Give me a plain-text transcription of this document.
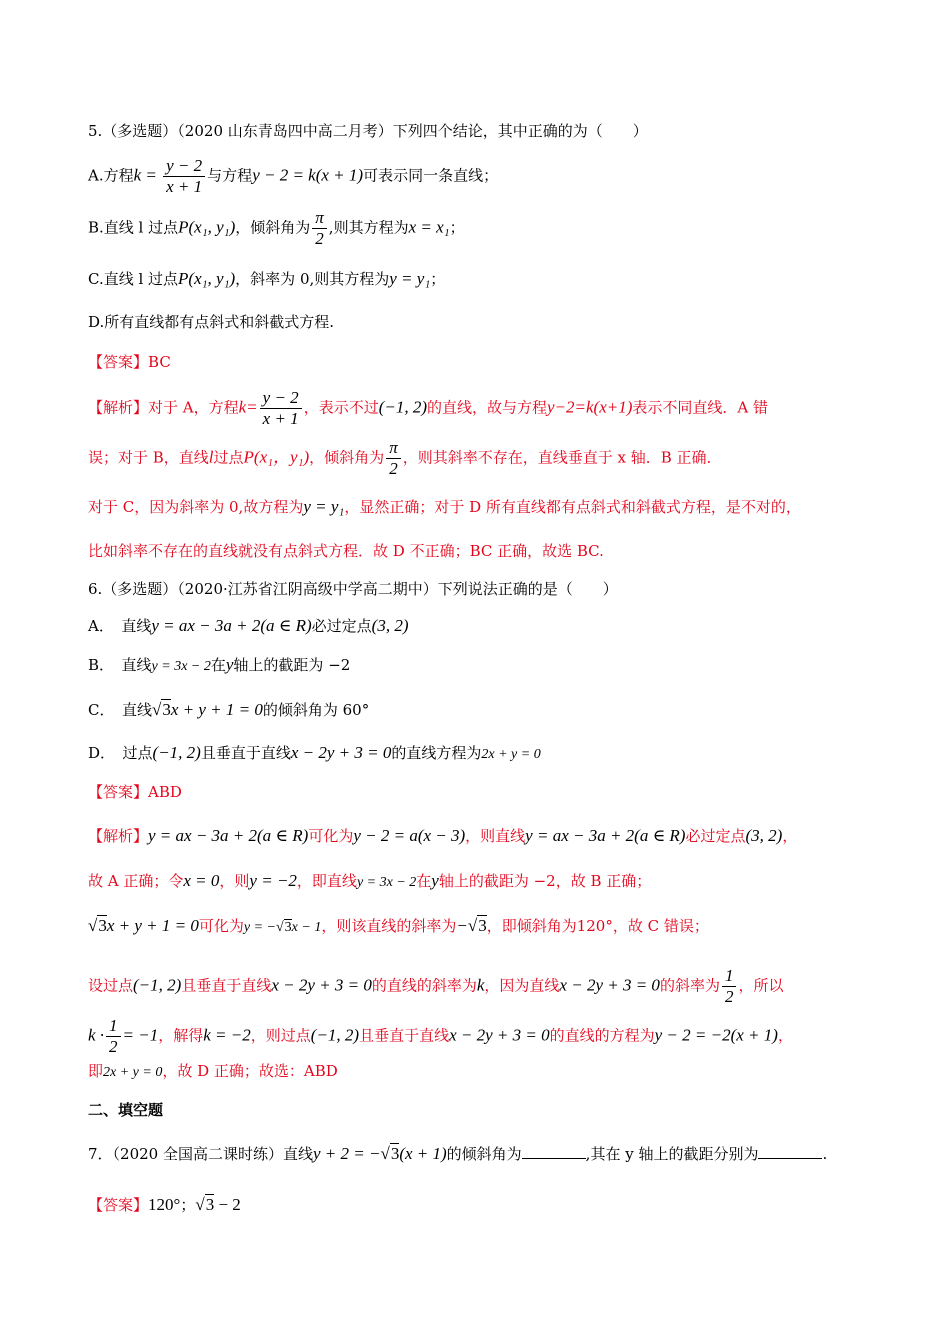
5.（多选题）（2020 山东青岛四中高二月考）下列四个结论，其中正确的为（　　）
A.方程$k = \frac{y - 2}{x + 1}$ 与方程y − 2 = k(x + 1)可表示同一条直线；
B.直线 l 过点P(x₁, y₁)，倾斜角为 $\frac{\pi}{2}$ ,则其方程为x = x₁；
C.直线 l 过点P(x₁, y₁)，斜率为 0,则其方程为y = y₁；
D.所有直线都有点斜式和斜截式方程.
【答案】BC
【解析】对于 A，方程$k= \frac{y - 2}{x + 1}$ ，表示不过(−1, 2)的直线，故与方程y−2=k(x+1)表示不同直线．A 错
误；对于 B，直线l过点P(x₁，y₁)，倾斜角为 $\frac{\pi}{2}$ ，则其斜率不存在，直线垂直于 x 轴．B 正确．
对于 C，因为斜率为 0,故方程为y = y₁，显然正确；对于 D 所有直线都有点斜式和斜截式方程，是不对的，
比如斜率不存在的直线就没有点斜式方程．故 D 不正确；BC 正确，故选 BC.
6.（多选题）（2020·江苏省江阴高级中学高二期中）下列说法正确的是（　　）
A．　直线y = ax − 3a + 2(a ∈ R)必过定点(3, 2)
B．　直线y = 3x − 2在y轴上的截距为 −2
C．　直线√3x + y + 1 = 0的倾斜角为 60°
D．　过点(−1, 2)且垂直于直线x − 2y + 3 = 0的直线方程为2x + y = 0
【答案】ABD
【解析】y = ax − 3a + 2(a ∈ R)可化为y − 2 = a(x − 3)，则直线y = ax − 3a + 2(a ∈ R)必过定点(3, 2)，
故 A 正确；令x = 0，则y = −2，即直线y = 3x − 2在y轴上的截距为 −2，故 B 正确；
√3x + y + 1 = 0可化为y = −√3x − 1，则该直线的斜率为−√3，即倾斜角为120°，故 C 错误；
设过点(−1, 2)且垂直于直线x − 2y + 3 = 0的直线的斜率为k，因为直线x − 2y + 3 = 0的斜率为 $\frac{1}{2}$ ，所以
$k \cdot \frac{1}{2} = -1$，解得k = −2，则过点(−1, 2)且垂直于直线x − 2y + 3 = 0的直线的方程为y − 2 = −2(x + 1)，
即2x + y = 0，故 D 正确；故选：ABD
二、填空题
7．（2020 全国高二课时练）直线y + 2 = −√3(x + 1)的倾斜角为	,其在 y 轴上的截距分别为	.
【答案】120°；√3 − 2
